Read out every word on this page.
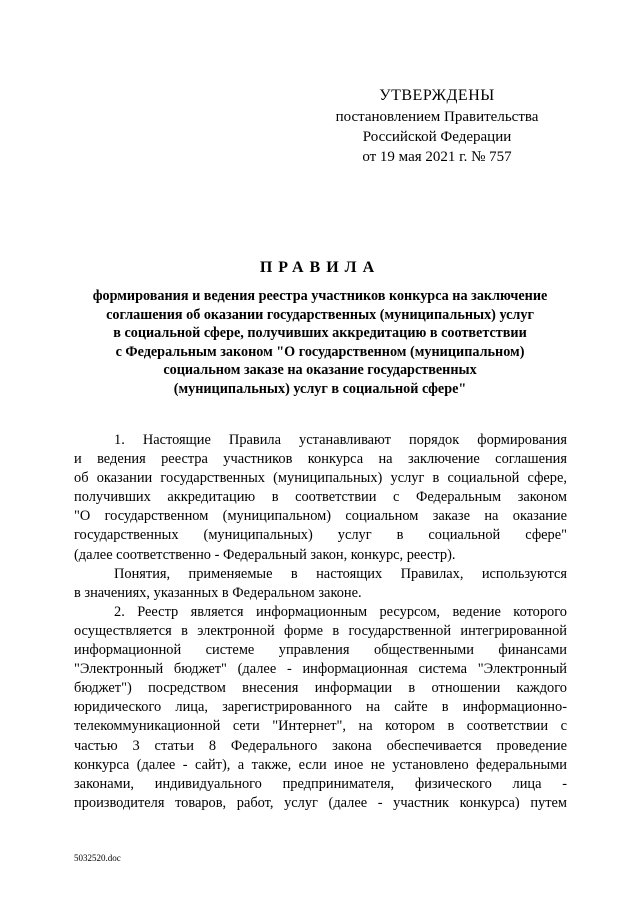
УТВЕРЖДЕНЫ
постановлением Правительства
Российской Федерации
от 19 мая 2021 г. № 757
ПРАВИЛА
формирования и ведения реестра участников конкурса на заключение
соглашения об оказании государственных (муниципальных) услуг
в социальной сфере, получивших аккредитацию в соответствии
с Федеральным законом "О государственном (муниципальном)
социальном заказе на оказание государственных
(муниципальных) услуг в социальной сфере"
1. Настоящие Правила устанавливают порядок формирования
и ведения реестра участников конкурса на заключение соглашения
об оказании государственных (муниципальных) услуг в социальной сфере,
получивших аккредитацию в соответствии с Федеральным законом
"О государственном (муниципальном) социальном заказе на оказание
государственных (муниципальных) услуг в социальной сфере"
(далее соответственно - Федеральный закон, конкурс, реестр).
Понятия, применяемые в настоящих Правилах, используются
в значениях, указанных в Федеральном законе.
2. Реестр является информационным ресурсом, ведение которого
осуществляется в электронной форме в государственной интегрированной
информационной системе управления общественными финансами
"Электронный бюджет" (далее - информационная система "Электронный
бюджет") посредством внесения информации в отношении каждого
юридического лица, зарегистрированного на сайте в информационно-
телекоммуникационной сети "Интернет", на котором в соответствии с
частью 3 статьи 8 Федерального закона обеспечивается проведение
конкурса (далее - сайт), а также, если иное не установлено федеральными
законами, индивидуального предпринимателя, физического лица -
производителя товаров, работ, услуг (далее - участник конкурса) путем
5032520.doc
